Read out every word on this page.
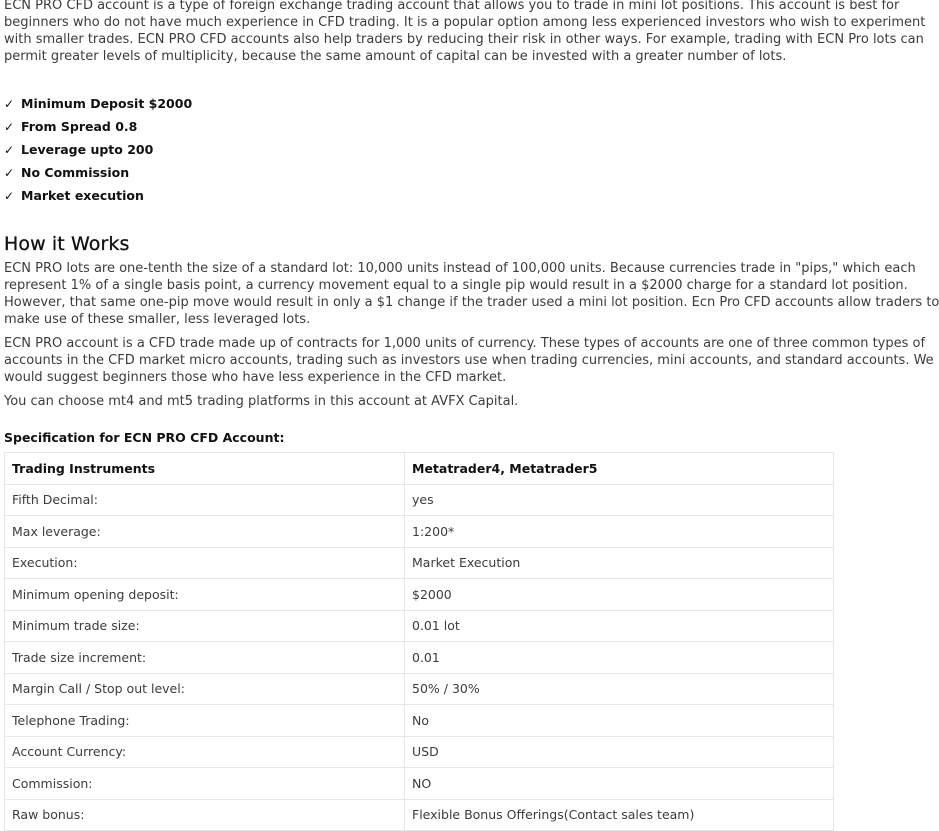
ECN PRO CFD account is a type of foreign exchange trading account that allows you to trade in mini lot positions. This account is best for

beginners who do not have much experience in CFD trading. It is a popular option among less experienced investors who wish to experiment

with smaller trades. ECN PRO CFD accounts also help traders by reducing their risk in other ways. For example, trading with ECN Pro lots can

permit greater levels of multiplicity, because the same amount of capital can be invested with a greater number of lots.

✓ Minimum Deposit $2000
✓ From Spread 0.8
✓ Leverage upto 200
✓ No Commission
✓ Market execution
How it Works

ECN PRO lots are one-tenth the size of a standard lot: 10,000 units instead of 100,000 units. Because currencies trade in "pips," which each

represent 1% of a single basis point, a currency movement equal to a single pip would result in a $2000 charge for a standard lot position.

However, that same one-pip move would result in only a $1 change if the trader used a mini lot position. Ecn Pro CFD accounts allow traders to

make use of these smaller, less leveraged lots.

ECN PRO account is a CFD trade made up of contracts for 1,000 units of currency. These types of accounts are one of three common types of

accounts in the CFD market micro accounts, trading such as investors use when trading currencies, mini accounts, and standard accounts. We

would suggest beginners those who have less experience in the CFD market.

You can choose mt4 and mt5 trading platforms in this account at AVFX Capital.

Specification for ECN PRO CFD Account:
Trading Instruments	Metatrader4, Metatrader5
Fifth Decimal:	yes
Max leverage:	1:200*
Execution:	Market Execution
Minimum opening deposit:	$2000
Minimum trade size:	0.01 lot
Trade size increment:	0.01
Margin Call / Stop out level:	50% / 30%
Telephone Trading:	No
Account Currency:	USD
Commission:	NO
Raw bonus:	Flexible Bonus Offerings(Contact sales team)
